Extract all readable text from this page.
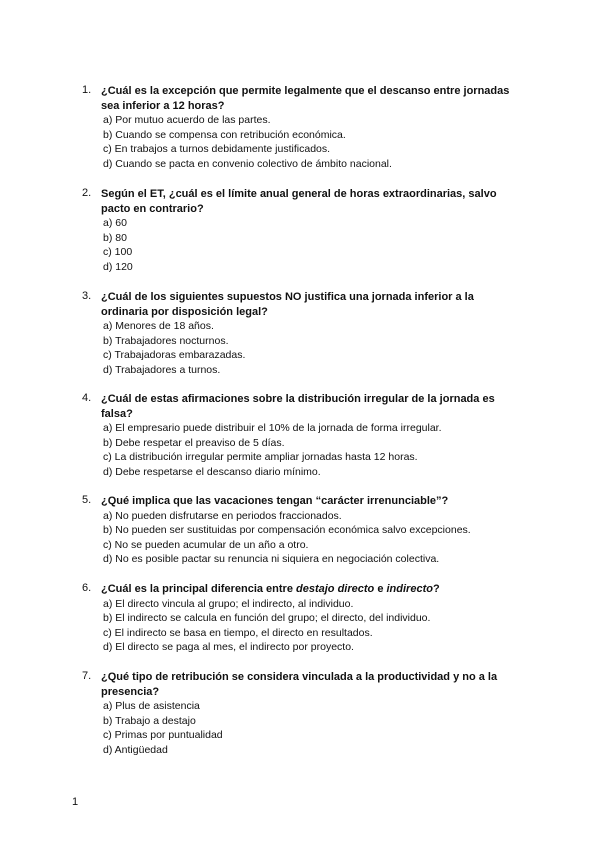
1. ¿Cuál es la excepción que permite legalmente que el descanso entre jornadas sea inferior a 12 horas?
a) Por mutuo acuerdo de las partes.
b) Cuando se compensa con retribución económica.
c) En trabajos a turnos debidamente justificados.
d) Cuando se pacta en convenio colectivo de ámbito nacional.
2. Según el ET, ¿cuál es el límite anual general de horas extraordinarias, salvo pacto en contrario?
a) 60
b) 80
c) 100
d) 120
3. ¿Cuál de los siguientes supuestos NO justifica una jornada inferior a la ordinaria por disposición legal?
a) Menores de 18 años.
b) Trabajadores nocturnos.
c) Trabajadoras embarazadas.
d) Trabajadores a turnos.
4. ¿Cuál de estas afirmaciones sobre la distribución irregular de la jornada es falsa?
a) El empresario puede distribuir el 10% de la jornada de forma irregular.
b) Debe respetar el preaviso de 5 días.
c) La distribución irregular permite ampliar jornadas hasta 12 horas.
d) Debe respetarse el descanso diario mínimo.
5. ¿Qué implica que las vacaciones tengan “carácter irrenunciable”?
a) No pueden disfrutarse en periodos fraccionados.
b) No pueden ser sustituidas por compensación económica salvo excepciones.
c) No se pueden acumular de un año a otro.
d) No es posible pactar su renuncia ni siquiera en negociación colectiva.
6. ¿Cuál es la principal diferencia entre destajo directo e indirecto?
a) El directo vincula al grupo; el indirecto, al individuo.
b) El indirecto se calcula en función del grupo; el directo, del individuo.
c) El indirecto se basa en tiempo, el directo en resultados.
d) El directo se paga al mes, el indirecto por proyecto.
7. ¿Qué tipo de retribución se considera vinculada a la productividad y no a la presencia?
a) Plus de asistencia
b) Trabajo a destajo
c) Primas por puntualidad
d) Antigüedad
1
